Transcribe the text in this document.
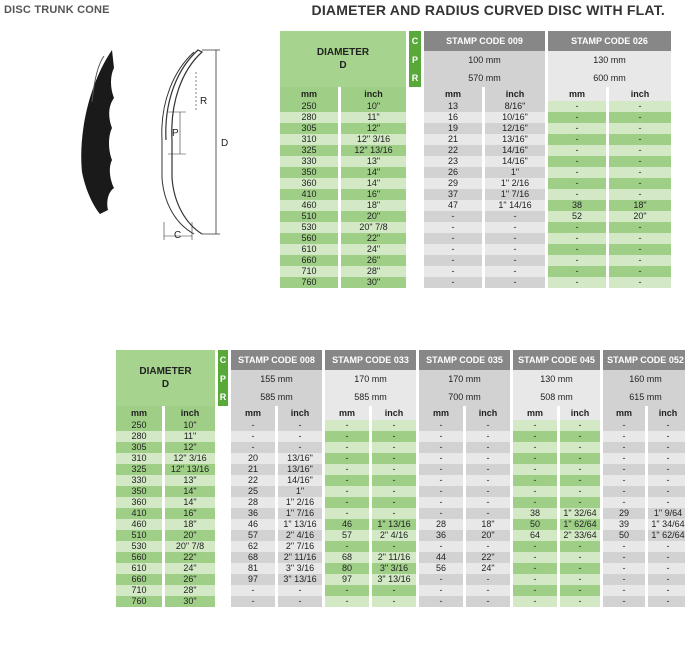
DISC TRUNK CONE	DIAMETER AND RADIUS CURVED DISC WITH FLAT.
R
P
D
C
DIAMETER
D
C
P
R
STAMP CODE 009
100 mm
570 mm
STAMP CODE 026
130 mm
600 mm
mm	inch	mm	inch	mm	inch
250	10"	13	8/16"	-	-
280	11"	16	10/16"	-	-
305	12"	19	12/16"	-	-
310	12" 3/16	21	13/16"	-	-
325	12" 13/16	22	14/16"	-	-
330	13"	23	14/16"	-	-
350	14"	26	1"	-	-
360	14"	29	1" 2/16	-	-
410	16"	37	1" 7/16	-	-
460	18"	47	1" 14/16	38	18"
510	20"	-	-	52	20"
530	20" 7/8	-	-	-	-
560	22"	-	-	-	-
610	24"	-	-	-	-
660	26"	-	-	-	-
710	28"	-	-	-	-
760	30"	-	-	-	-
DIAMETER
D
C
P
R
STAMP CODE 008
155 mm
585 mm
STAMP CODE 033
170 mm
585 mm
STAMP CODE 035
170 mm
700 mm
STAMP CODE 045
130 mm
508 mm
STAMP CODE 052
160 mm
615 mm
mm	inch	mm	inch	mm	inch	mm	inch	mm	inch	mm	inch
250	10"	-	-	-	-	-	-	-	-	-	-
280	11"	-	-	-	-	-	-	-	-	-	-
305	12"	-	-	-	-	-	-	-	-	-	-
310	12" 3/16	20	13/16"	-	-	-	-	-	-	-	-
325	12" 13/16	21	13/16"	-	-	-	-	-	-	-	-
330	13"	22	14/16"	-	-	-	-	-	-	-	-
350	14"	25	1"	-	-	-	-	-	-	-	-
360	14"	28	1" 2/16	-	-	-	-	-	-	-	-
410	16"	36	1" 7/16	-	-	-	-	38	1" 32/64	29	1" 9/64
460	18"	46	1" 13/16	46	1" 13/16	28	18"	50	1" 62/64	39	1" 34/64
510	20"	57	2" 4/16	57	2" 4/16	36	20"	64	2" 33/64	50	1" 62/64
530	20" 7/8	62	2" 7/16	-	-	-	-	-	-	-	-
560	22"	68	2" 11/16	68	2" 11/16	44	22"	-	-	-	-
610	24"	81	3" 3/16	80	3" 3/16	56	24"	-	-	-	-
660	26"	97	3" 13/16	97	3" 13/16	-	-	-	-	-	-
710	28"	-	-	-	-	-	-	-	-	-	-
760	30"	-	-	-	-	-	-	-	-	-	-
